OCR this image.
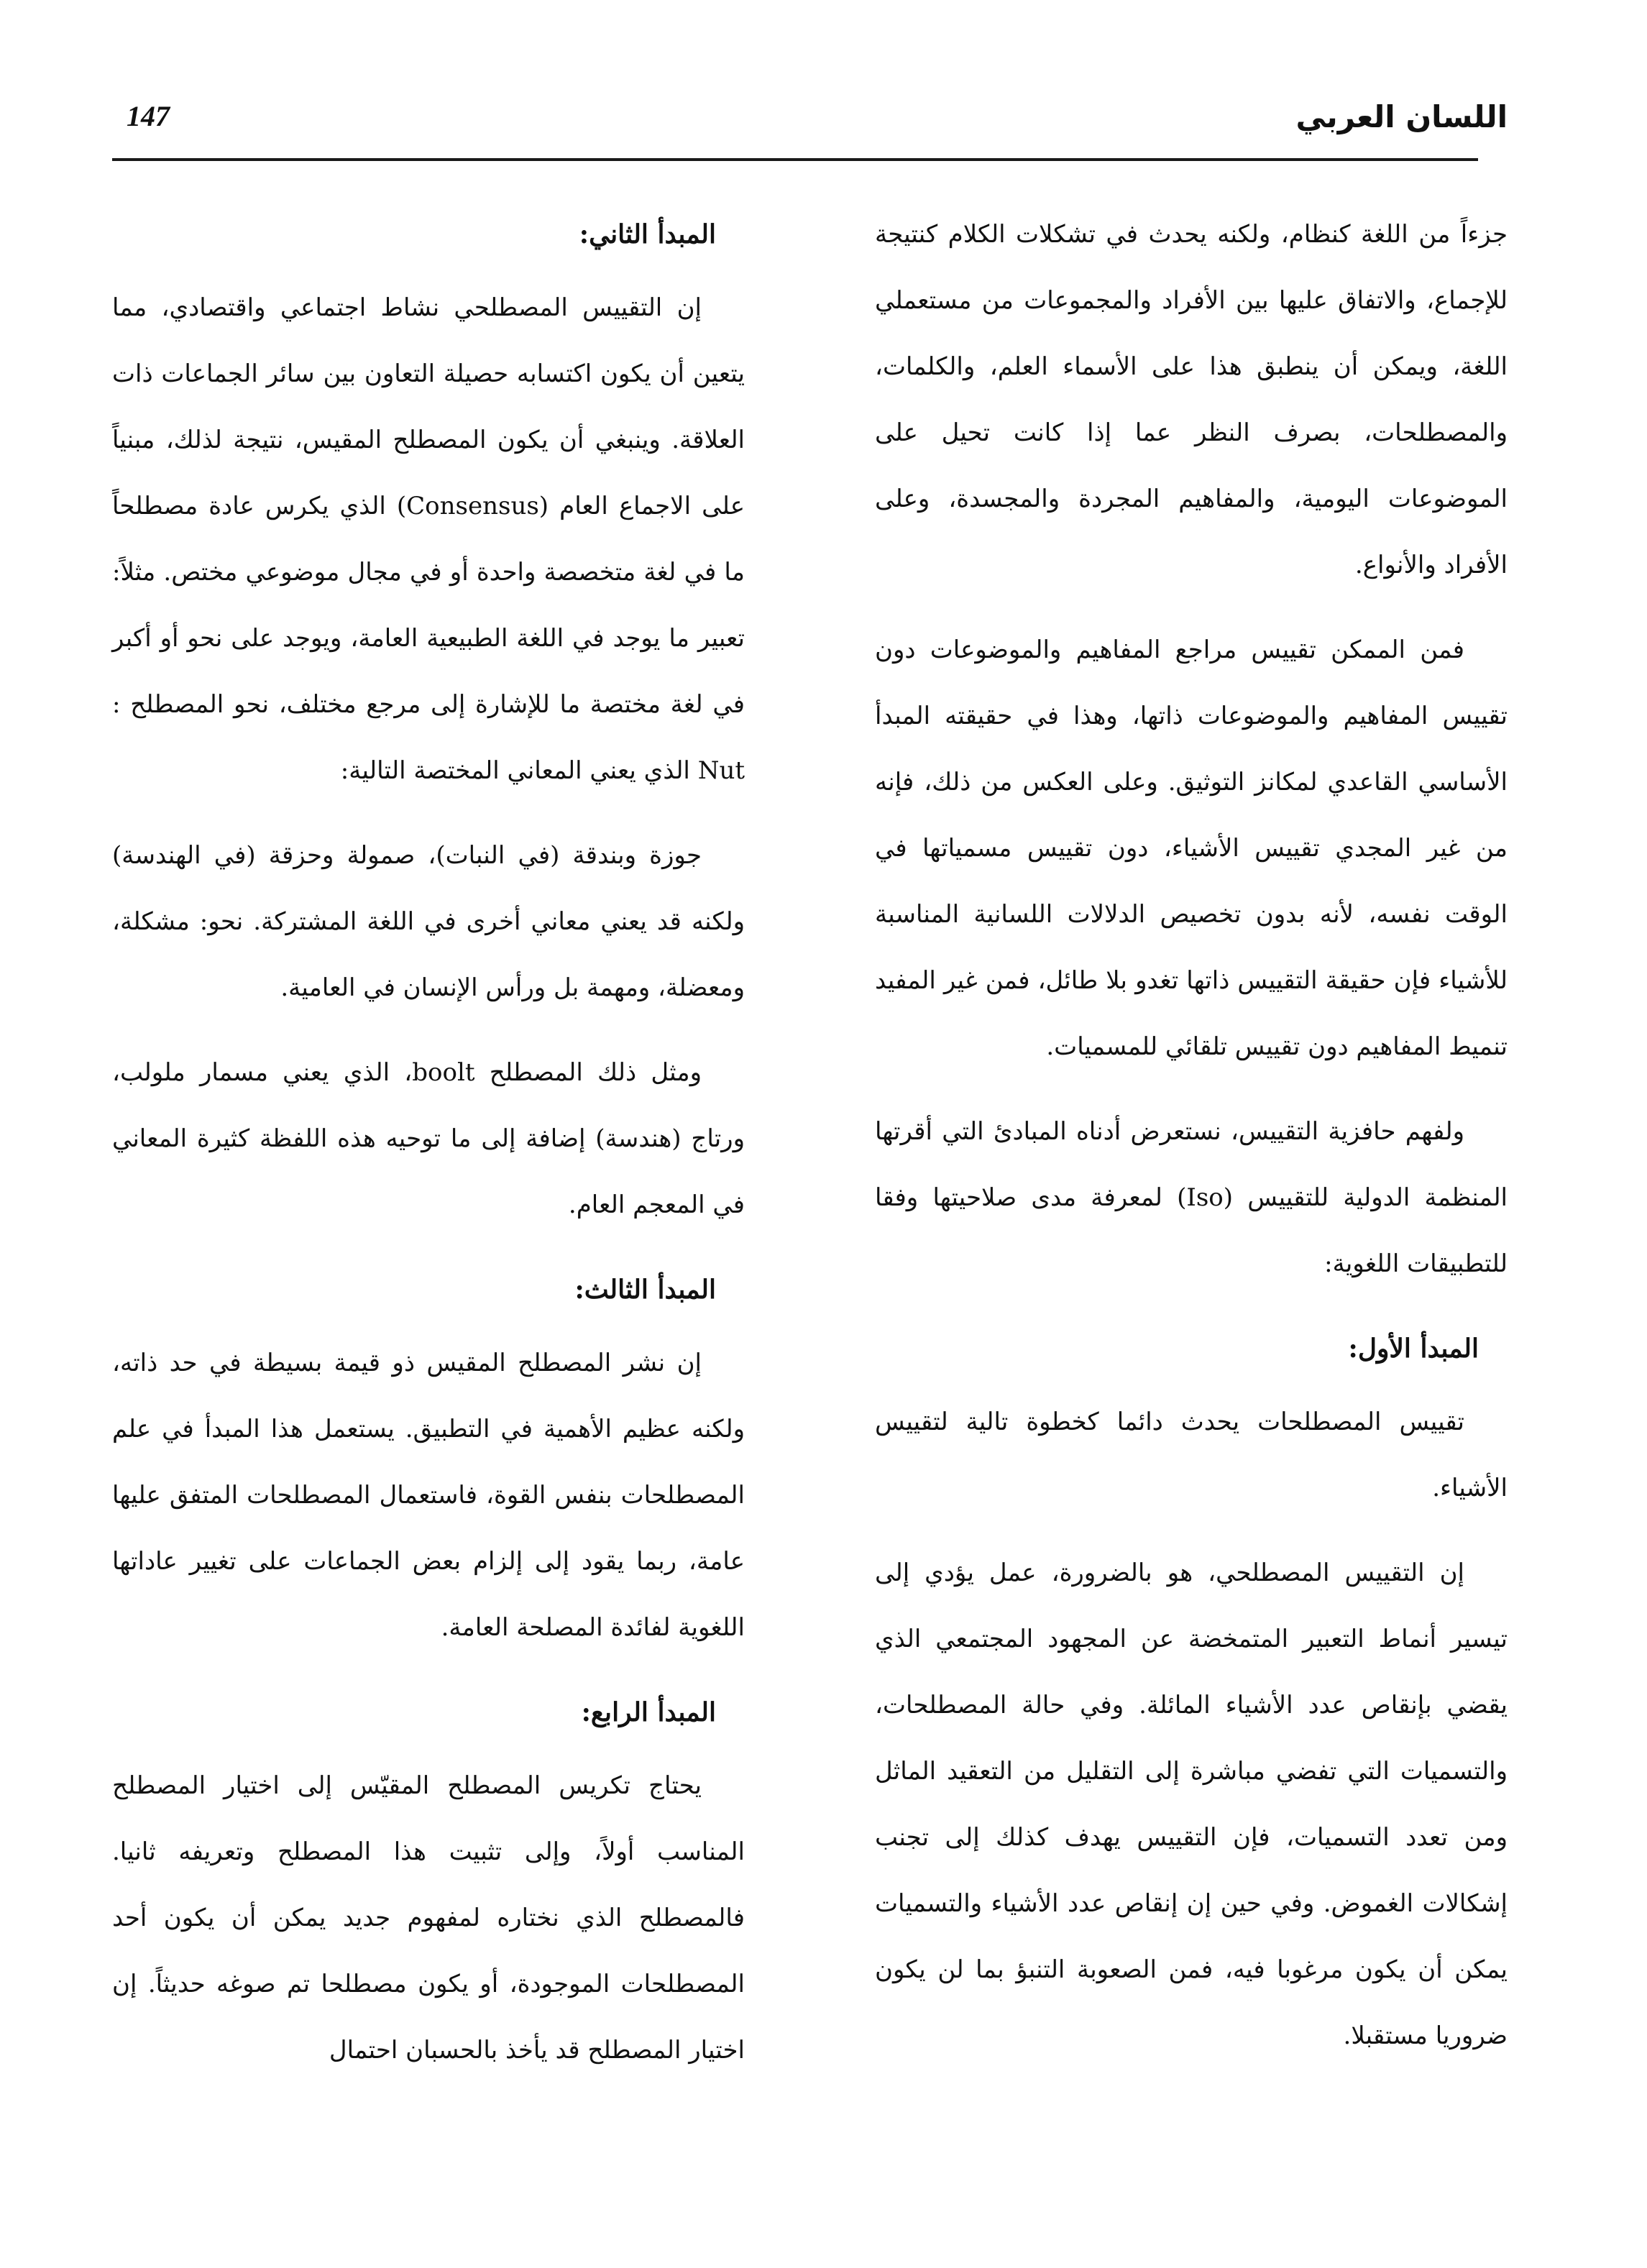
اللسان العربي
147

جزءاً من اللغة كنظام، ولكنه يحدث في تشكلات الكلام كنتيجة للإجماع، والاتفاق عليها بين الأفراد والمجموعات من مستعملي اللغة، ويمكن أن ينطبق هذا على الأسماء العلم، والكلمات، والمصطلحات، بصرف النظر عما إذا كانت تحيل على الموضوعات اليومية، والمفاهيم المجردة والمجسدة، وعلى الأفراد والأنواع.

فمن الممكن تقييس مراجع المفاهيم والموضوعات دون تقييس المفاهيم والموضوعات ذاتها، وهذا في حقيقته المبدأ الأساسي القاعدي لمكانز التوثيق. وعلى العكس من ذلك، فإنه من غير المجدي تقييس الأشياء، دون تقييس مسمياتها في الوقت نفسه، لأنه بدون تخصيص الدلالات اللسانية المناسبة للأشياء فإن حقيقة التقييس ذاتها تغدو بلا طائل، فمن غير المفيد تنميط المفاهيم دون تقييس تلقائي للمسميات.

ولفهم حافزية التقييس، نستعرض أدناه المبادئ التي أقرتها المنظمة الدولية للتقييس (Iso) لمعرفة مدى صلاحيتها وفقا للتطبيقات اللغوية:

المبدأ الأول:

تقييس المصطلحات يحدث دائما كخطوة تالية لتقييس الأشياء.

إن التقييس المصطلحي، هو بالضرورة، عمل يؤدي إلى تيسير أنماط التعبير المتمخضة عن المجهود المجتمعي الذي يقضي بإنقاص عدد الأشياء المائلة. وفي حالة المصطلحات، والتسميات التي تفضي مباشرة إلى التقليل من التعقيد الماثل ومن تعدد التسميات، فإن التقييس يهدف كذلك إلى تجنب إشكالات الغموض. وفي حين إن إنقاص عدد الأشياء والتسميات يمكن أن يكون مرغوبا فيه، فمن الصعوبة التنبؤ بما لن يكون ضروريا مستقبلا.

المبدأ الثاني:

إن التقييس المصطلحي نشاط اجتماعي واقتصادي، مما يتعين أن يكون اكتسابه حصيلة التعاون بين سائر الجماعات ذات العلاقة. وينبغي أن يكون المصطلح المقيس، نتيجة لذلك، مبنياً على الاجماع العام (Consensus) الذي يكرس عادة مصطلحاً ما في لغة متخصصة واحدة أو في مجال موضوعي مختص. مثلاً: تعبير ما يوجد في اللغة الطبيعية العامة، ويوجد على نحو أو أكبر في لغة مختصة ما للإشارة إلى مرجع مختلف، نحو المصطلح : Nut الذي يعني المعاني المختصة التالية:

جوزة وبندقة (في النبات)، صمولة وحزقة (في الهندسة) ولكنه قد يعني معاني أخرى في اللغة المشتركة. نحو: مشكلة، ومعضلة، ومهمة بل ورأس الإنسان في العامية.

ومثل ذلك المصطلح boolt، الذي يعني مسمار ملولب، ورتاج (هندسة) إضافة إلى ما توحيه هذه اللفظة كثيرة المعاني في المعجم العام.

المبدأ الثالث:

إن نشر المصطلح المقيس ذو قيمة بسيطة في حد ذاته، ولكنه عظيم الأهمية في التطبيق. يستعمل هذا المبدأ في علم المصطلحات بنفس القوة، فاستعمال المصطلحات المتفق عليها عامة، ربما يقود إلى إلزام بعض الجماعات على تغيير عاداتها اللغوية لفائدة المصلحة العامة.

المبدأ الرابع:

يحتاج تكريس المصطلح المقيّس إلى اختيار المصطلح المناسب أولاً، وإلى تثبيت هذا المصطلح وتعريفه ثانيا. فالمصطلح الذي نختاره لمفهوم جديد يمكن أن يكون أحد المصطلحات الموجودة، أو يكون مصطلحا تم صوغه حديثاً. إن اختيار المصطلح قد يأخذ بالحسبان احتمال
